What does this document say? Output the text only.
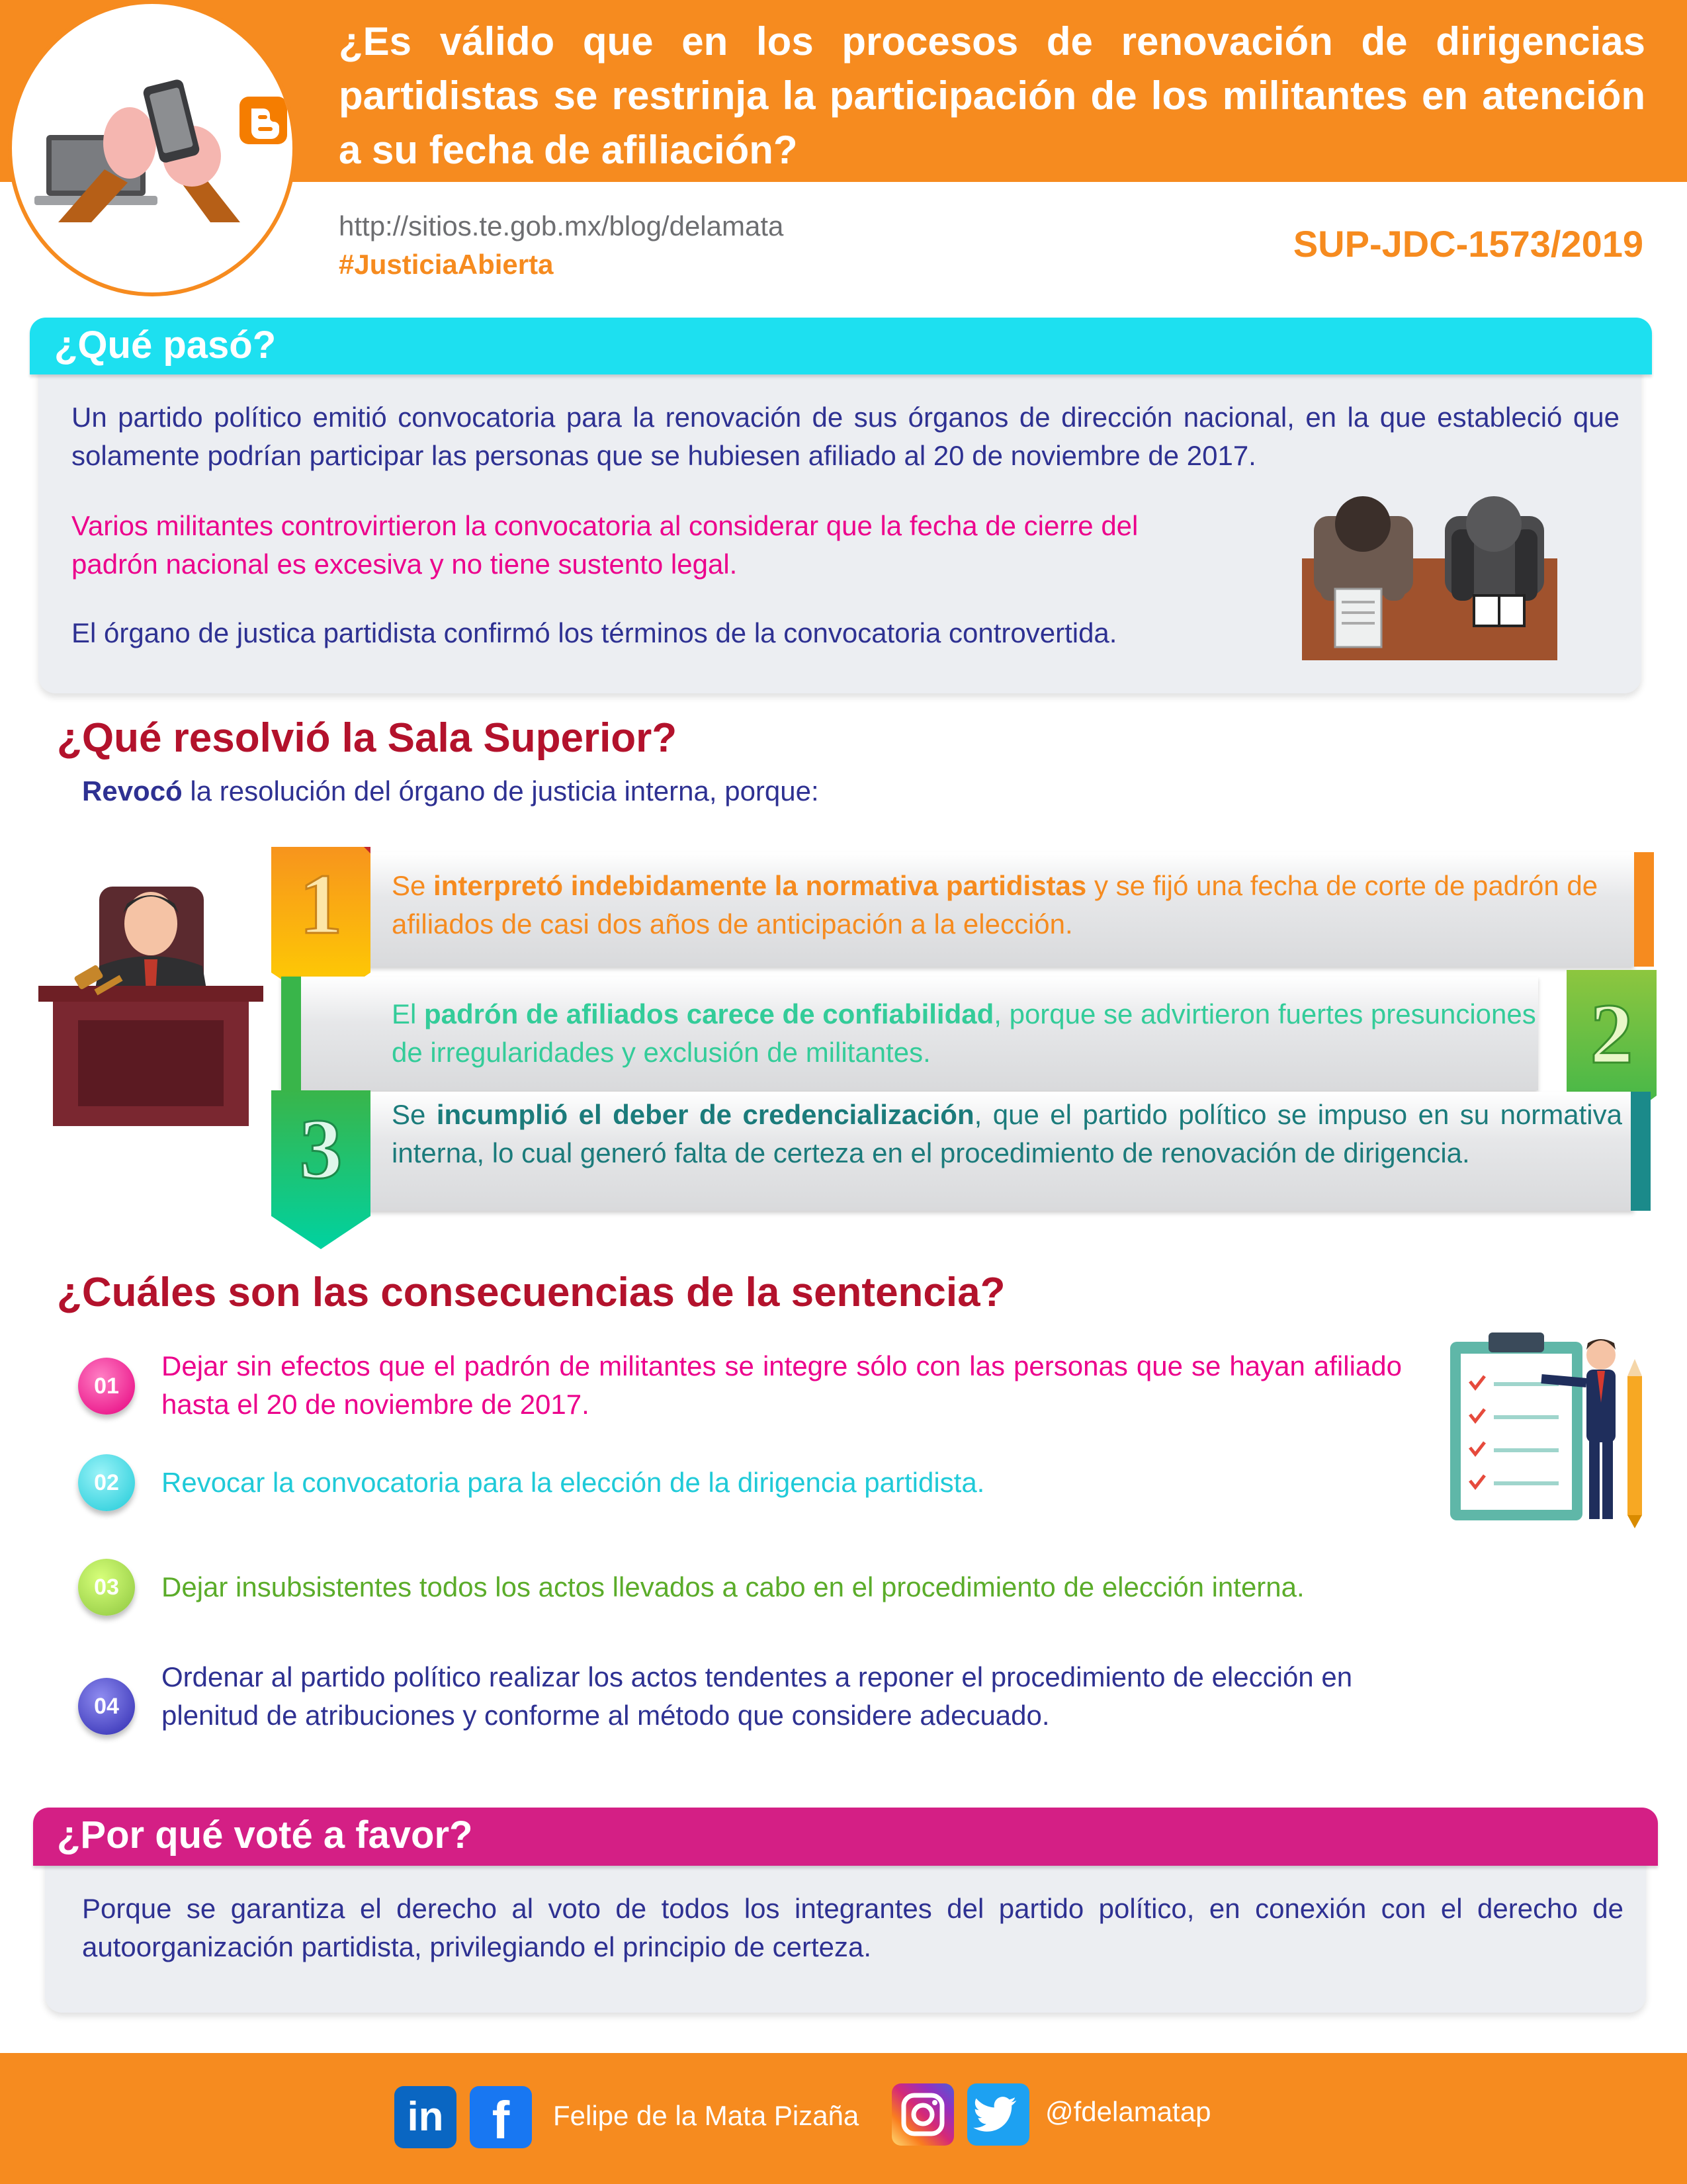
¿Es válido que en los procesos de renovación de dirigencias partidistas se restrinja la participación de los militantes en atención a su fecha de afiliación?
http://sitios.te.gob.mx/blog/delamata
#JusticiaAbierta	SUP-JDC-1573/2019
¿Qué pasó?
Un partido político emitió convocatoria para la renovación de sus órganos de dirección nacional, en la que estableció que solamente podrían participar las personas que se hubiesen afiliado al 20 de noviembre de 2017.
Varios militantes controvirtieron la convocatoria al considerar que la fecha de cierre del padrón nacional es excesiva y no tiene sustento legal.
El órgano de justica partidista confirmó los términos de la convocatoria controvertida.
¿Qué resolvió la Sala Superior?
Revocó la resolución del órgano de justicia interna, porque:
1 Se interpretó indebidamente la normativa partidistas y se fijó una fecha de corte de padrón de afiliados de casi dos años de anticipación a la elección.
2
El padrón de afiliados carece de confiabilidad, porque se advirtieron fuertes presunciones de irregularidades y exclusión de militantes.
3 Se incumplió el deber de credencialización, que el partido político se impuso en su normativa interna, lo cual generó falta de certeza en el procedimiento de renovación de dirigencia.
¿Cuáles son las consecuencias de la sentencia?
01
Dejar sin efectos que el padrón de militantes se integre sólo con las personas que se hayan afiliado hasta el 20 de noviembre de 2017.
02	Revocar la convocatoria para la elección de la dirigencia partidista.
03	Dejar insubsistentes todos los actos llevados a cabo en el procedimiento de elección interna.
04
Ordenar al partido político realizar los actos tendentes a reponer el procedimiento de elección en plenitud de atribuciones y conforme al método que considere adecuado.
¿Por qué voté a favor?
Porque se garantiza el derecho al voto de todos los integrantes del partido político, en conexión con el derecho de autoorganización partidista, privilegiando el principio de certeza.
in f	Felipe de la Mata Pizaña	@fdelamatap
